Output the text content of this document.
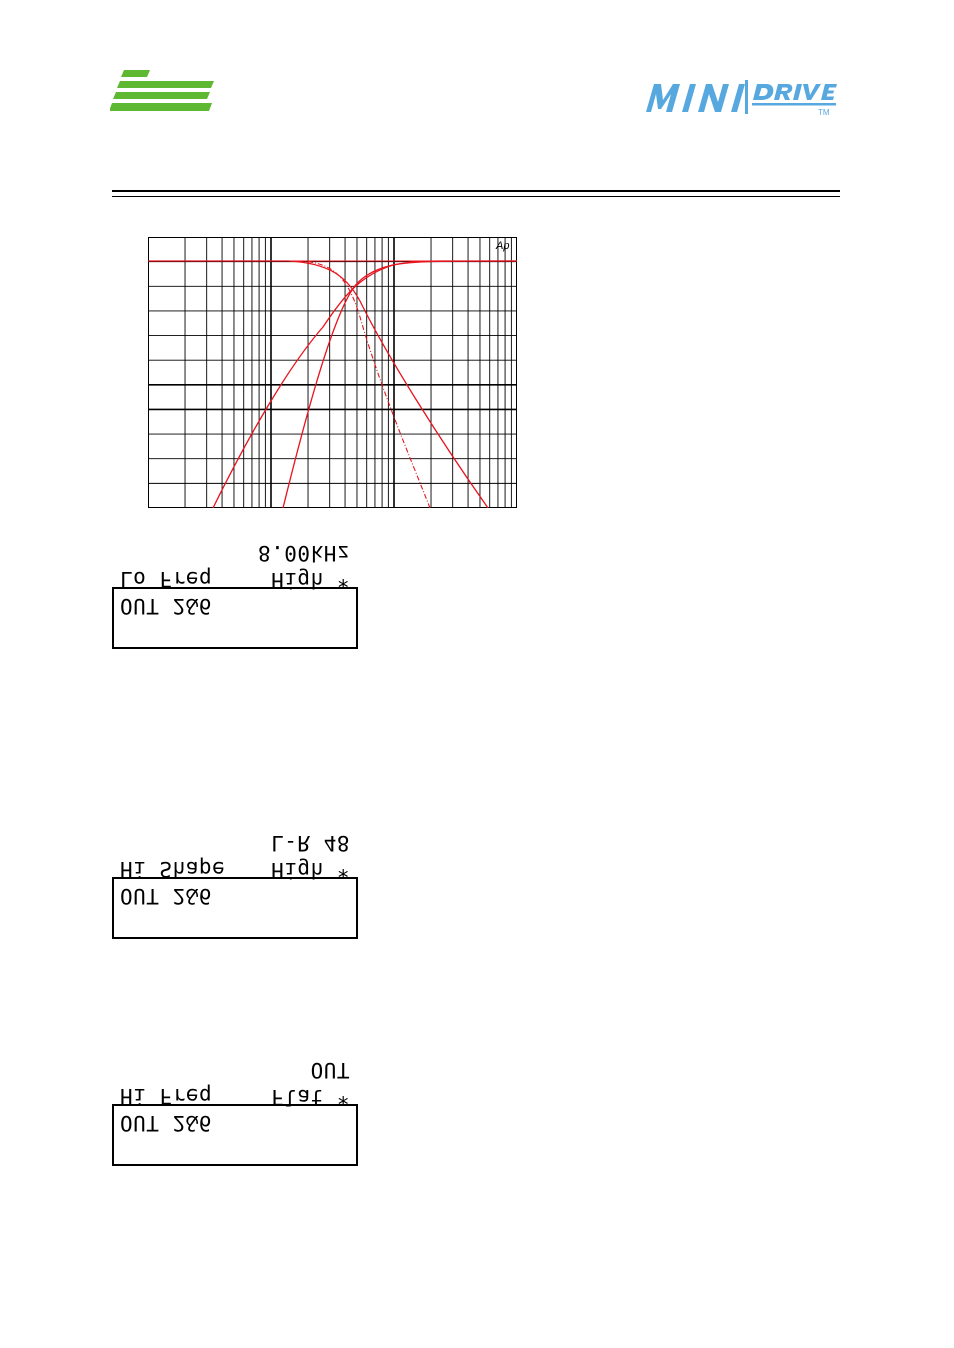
TM
Ap

Lo Freq

8.00kHz

OUT 2&6

High *

Hi Shape

L-R 48

OUT 2&6

High *

Hi Freq

OUT

OUT 2&6

Flat *
